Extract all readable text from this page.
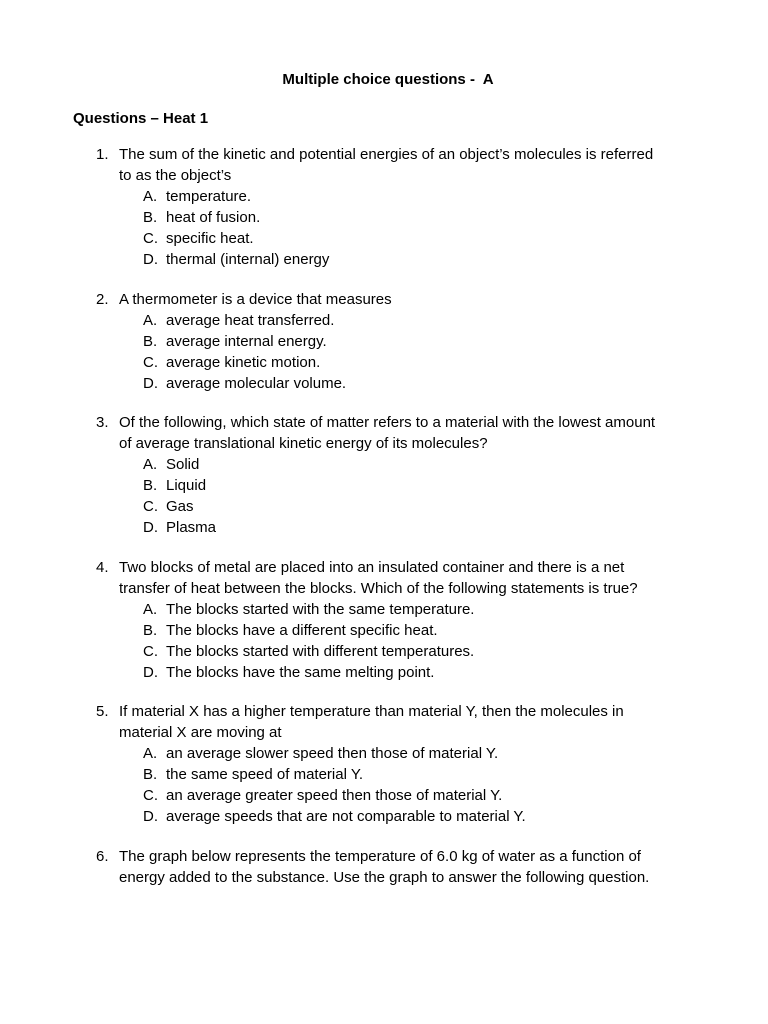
Multiple choice questions -  A
Questions – Heat 1
1. The sum of the kinetic and potential energies of an object’s molecules is referred
to as the object’s
A. temperature.
B. heat of fusion.
C. specific heat.
D. thermal (internal) energy
2. A thermometer is a device that measures
A. average heat transferred.
B. average internal energy.
C. average kinetic motion.
D. average molecular volume.
3. Of the following, which state of matter refers to a material with the lowest amount
of average translational kinetic energy of its molecules?
A. Solid
B. Liquid
C. Gas
D. Plasma
4. Two blocks of metal are placed into an insulated container and there is a net
transfer of heat between the blocks. Which of the following statements is true?
A. The blocks started with the same temperature.
B. The blocks have a different specific heat.
C. The blocks started with different temperatures.
D. The blocks have the same melting point.
5. If material X has a higher temperature than material Y, then the molecules in
material X are moving at
A. an average slower speed then those of material Y.
B. the same speed of material Y.
C. an average greater speed then those of material Y.
D. average speeds that are not comparable to material Y.
6. The graph below represents the temperature of 6.0 kg of water as a function of
energy added to the substance. Use the graph to answer the following question.
